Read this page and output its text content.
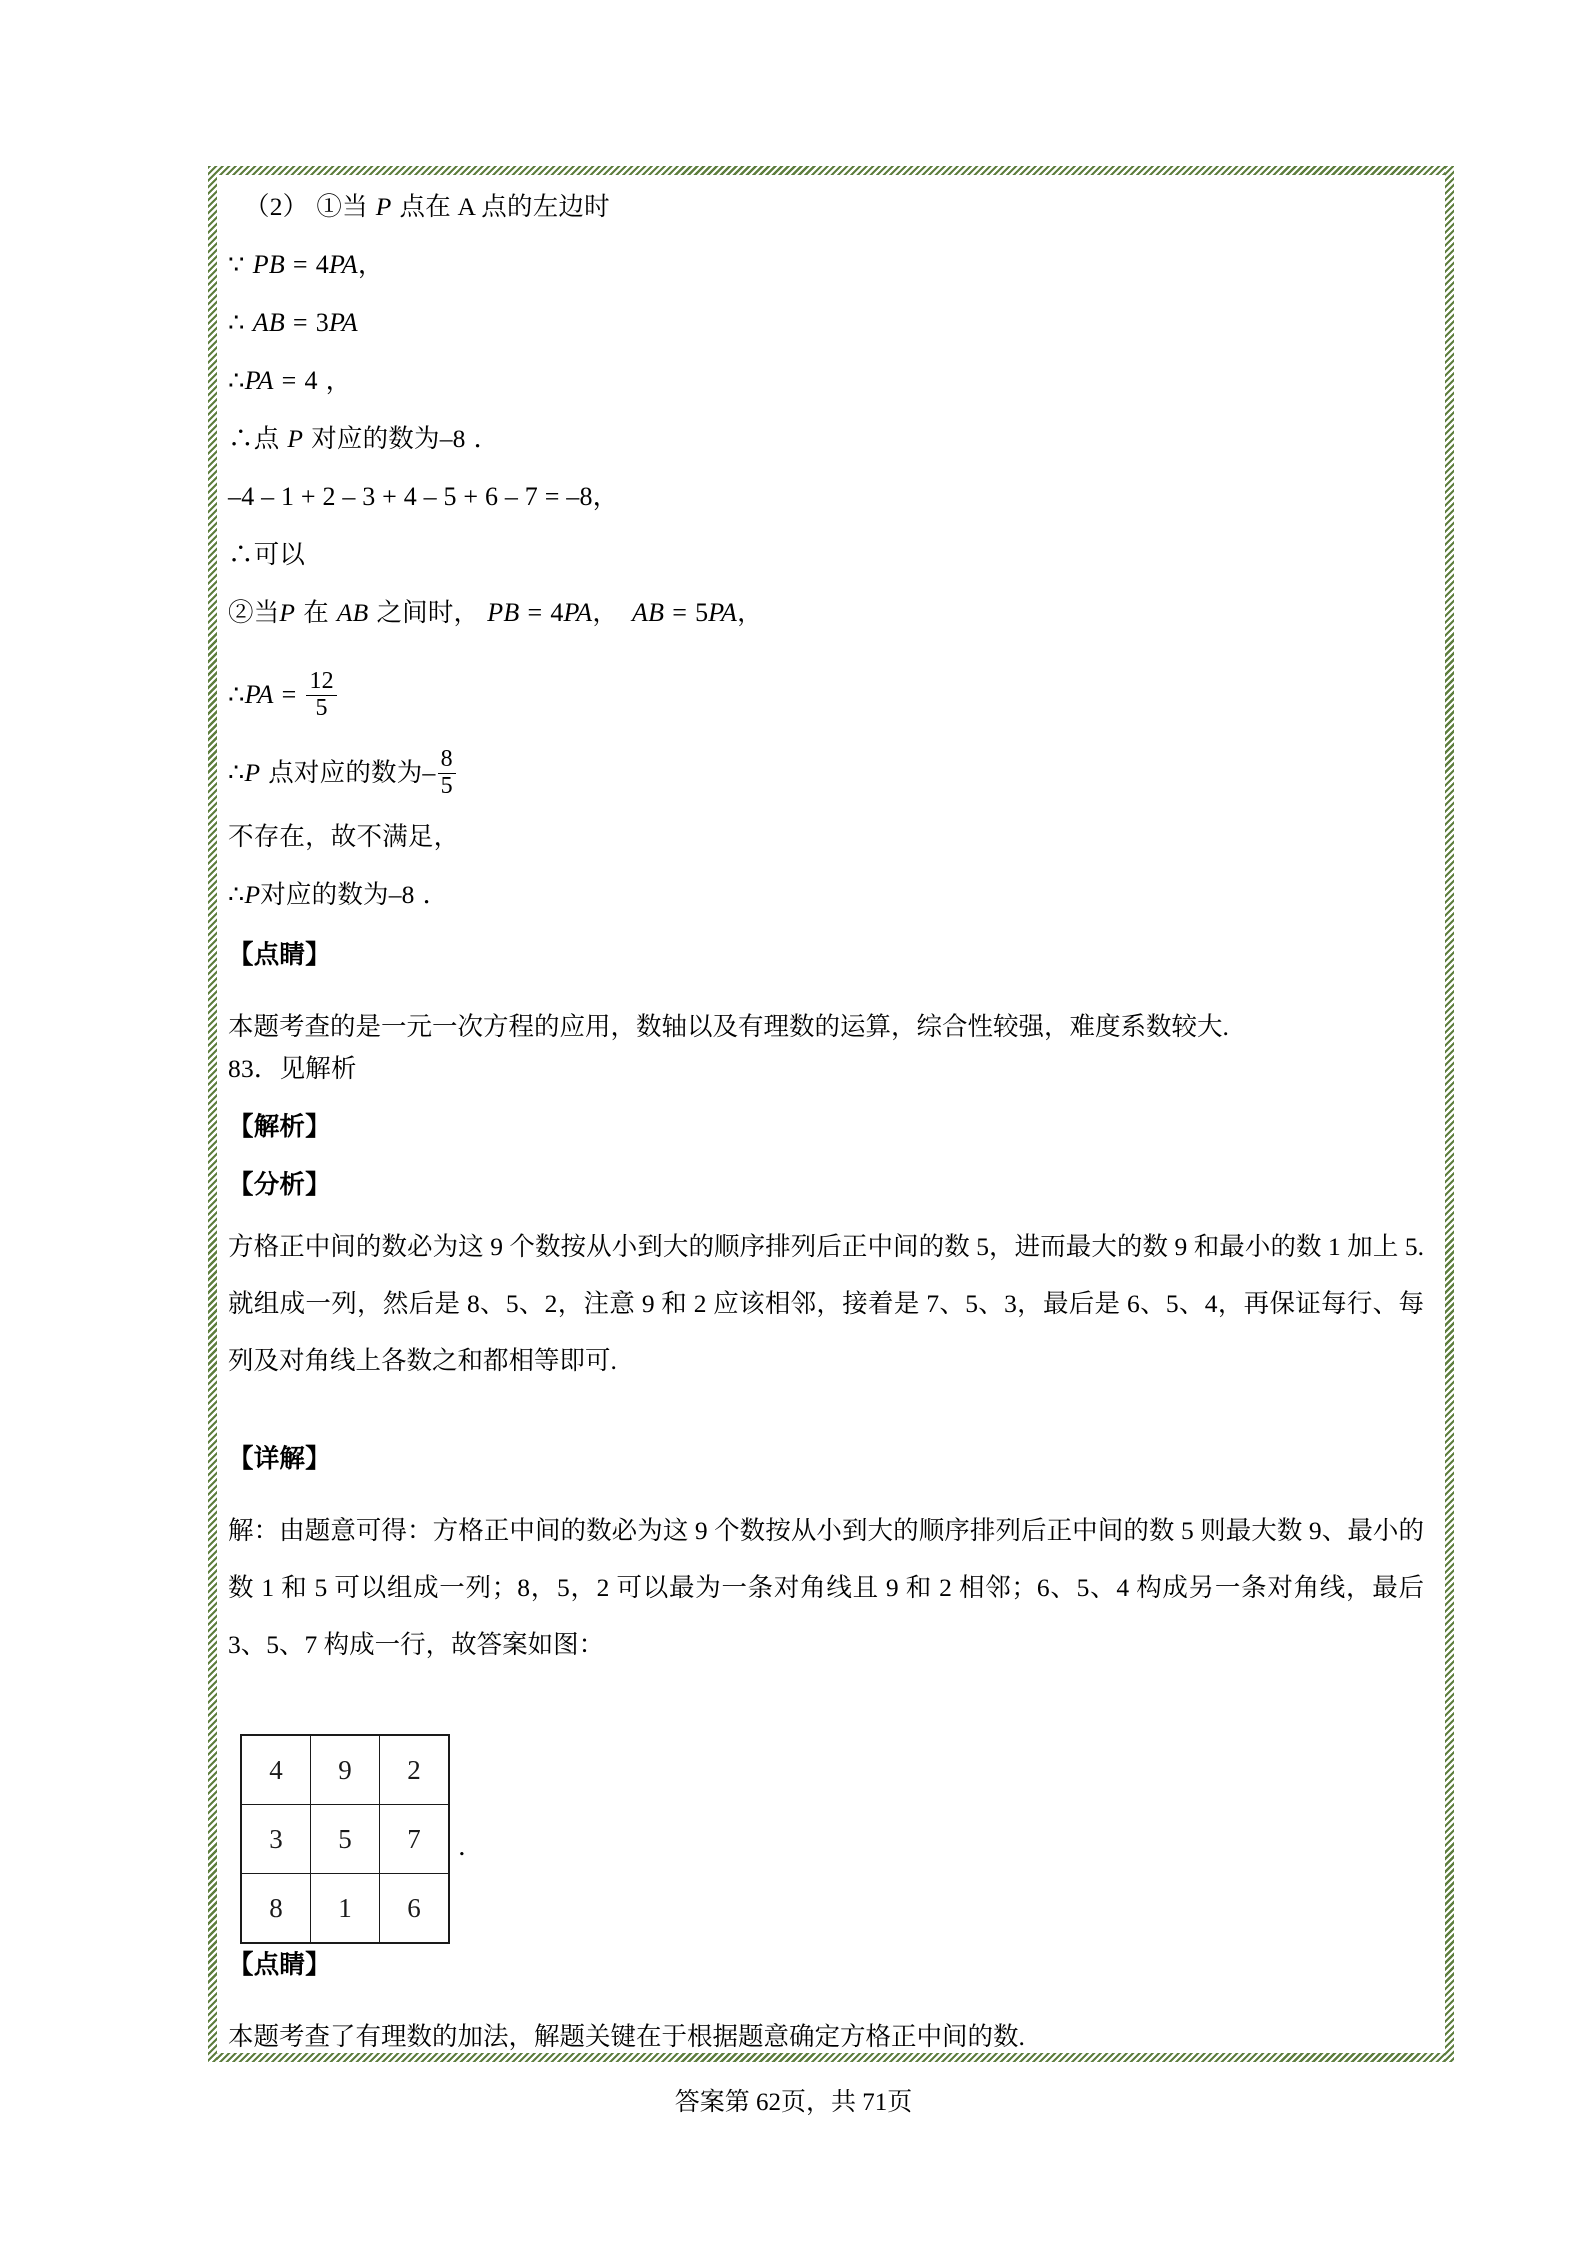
（2） ①当 P 点在 A 点的左边时
∵ PB = 4PA，
∴ AB = 3PA
∴PA = 4 ，
∴点 P 对应的数为–8 ．
–4 – 1 + 2 – 3 + 4 – 5 + 6 – 7 = –8，
∴可以
②当P 在 AB 之间时， PB = 4PA， AB = 5PA，
∴PA = $\frac{12}{5}$
∴P 点对应的数为– $\frac{8}{5}$
不存在，故不满足，
∴P对应的数为–8 ．
【点睛】
本题考查的是一元一次方程的应用，数轴以及有理数的运算，综合性较强，难度系数较大.
83．见解析
【解析】
【分析】
方格正中间的数必为这 9 个数按从小到大的顺序排列后正中间的数 5，进而最大的数 9 和最小的数 1 加上 5.就组成一列，然后是 8、5、2，注意 9 和 2 应该相邻，接着是 7、5、3，最后是 6、5、4，再保证每行、每列及对角线上各数之和都相等即可.
【详解】
解：由题意可得：方格正中间的数必为这 9 个数按从小到大的顺序排列后正中间的数 5 则最大数 9、最小的数 1 和 5 可以组成一列；8，5，2 可以最为一条对角线且 9 和 2 相邻；6、5、4 构成另一条对角线，最后 3、5、7 构成一行，故答案如图：
4	9	2
3	5	7
8	1	6
．
【点睛】
本题考查了有理数的加法，解题关键在于根据题意确定方格正中间的数.
答案第 62页，共 71页
